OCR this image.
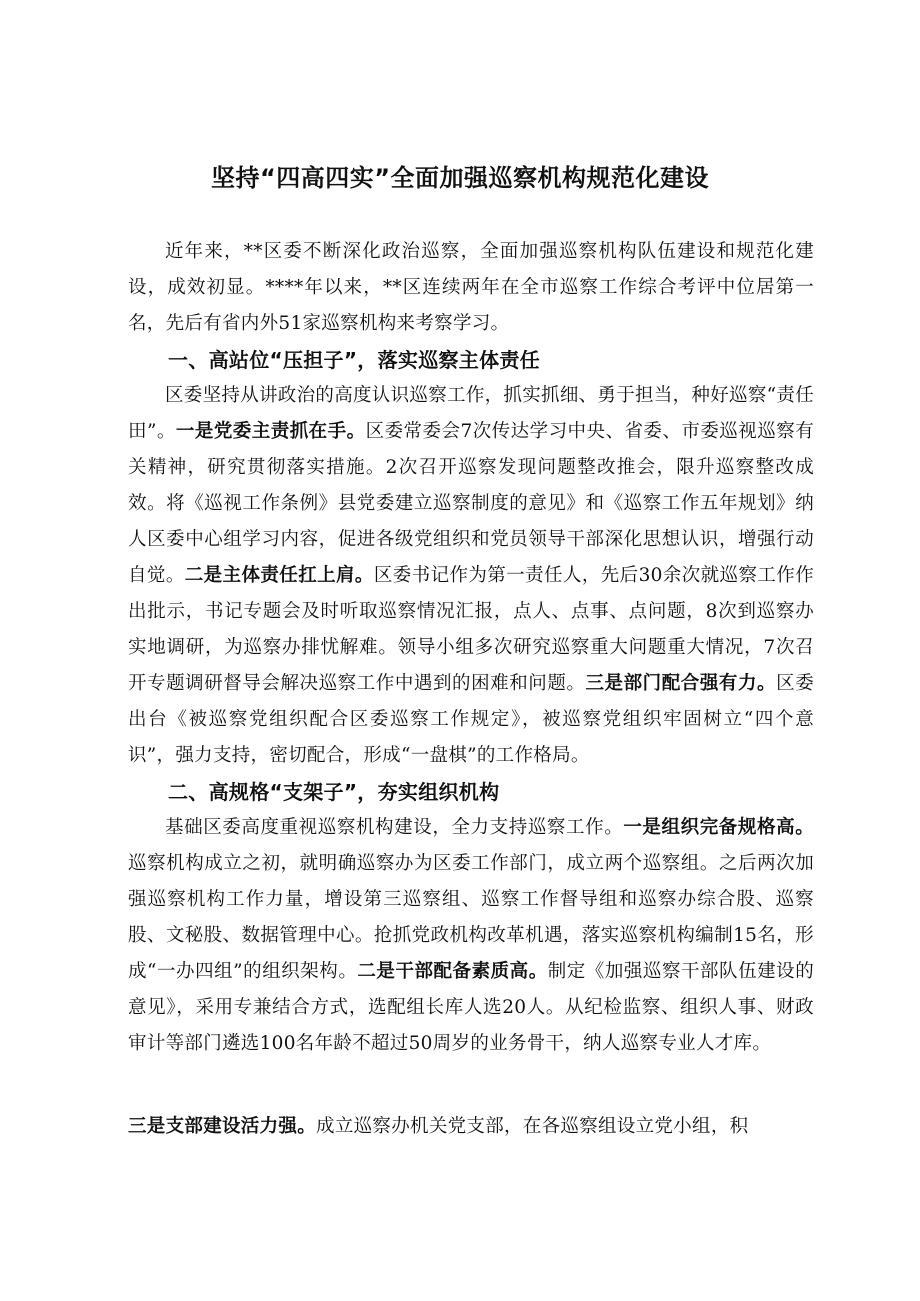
坚持“四高四实”全面加强巡察机构规范化建设

近年来，**区委不断深化政治巡察，全面加强巡察机构队伍建设和规范化建设，成效初显。****年以来，**区连续两年在全市巡察工作综合考评中位居第一名，先后有省内外51家巡察机构来考察学习。

一、高站位“压担子”，落实巡察主体责任

区委坚持从讲政治的高度认识巡察工作，抓实抓细、勇于担当，种好巡察“责任田”。一是党委主责抓在手。区委常委会7次传达学习中央、省委、市委巡视巡察有关精神，研究贯彻落实措施。2次召开巡察发现问题整改推会，限升巡察整改成效。将《巡视工作条例》县党委建立巡察制度的意见》和《巡察工作五年规划》纳人区委中心组学习内容，促进各级党组织和党员领导干部深化思想认识，增强行动自觉。二是主体责任扛上肩。区委书记作为第一责任人，先后30余次就巡察工作作出批示，书记专题会及时听取巡察情况汇报，点人、点事、点问题，8次到巡察办实地调研，为巡察办排忧解难。领导小组多次研究巡察重大问题重大情况，7次召开专题调研督导会解决巡察工作中遇到的困难和问题。三是部门配合强有力。区委出台《被巡察党组织配合区委巡察工作规定》，被巡察党组织牢固树立“四个意识”，强力支持，密切配合，形成“一盘棋”的工作格局。

二、高规格“支架子”，夯实组织机构

基础区委高度重视巡察机构建设，全力支持巡察工作。一是组织完备规格高。巡察机构成立之初，就明确巡察办为区委工作部门，成立两个巡察组。之后两次加强巡察机构工作力量，增设第三巡察组、巡察工作督导组和巡察办综合股、巡察股、文秘股、数据管理中心。抢抓党政机构改革机遇，落实巡察机构编制15名，形成“一办四组”的组织架构。二是干部配备素质高。制定《加强巡察干部队伍建设的意见》，采用专兼结合方式，选配组长库人选20人。从纪检监察、组织人事、财政审计等部门遴选100名年龄不超过50周岁的业务骨干，纳人巡察专业人才库。

三是支部建设活力强。成立巡察办机关党支部，在各巡察组设立党小组，积
